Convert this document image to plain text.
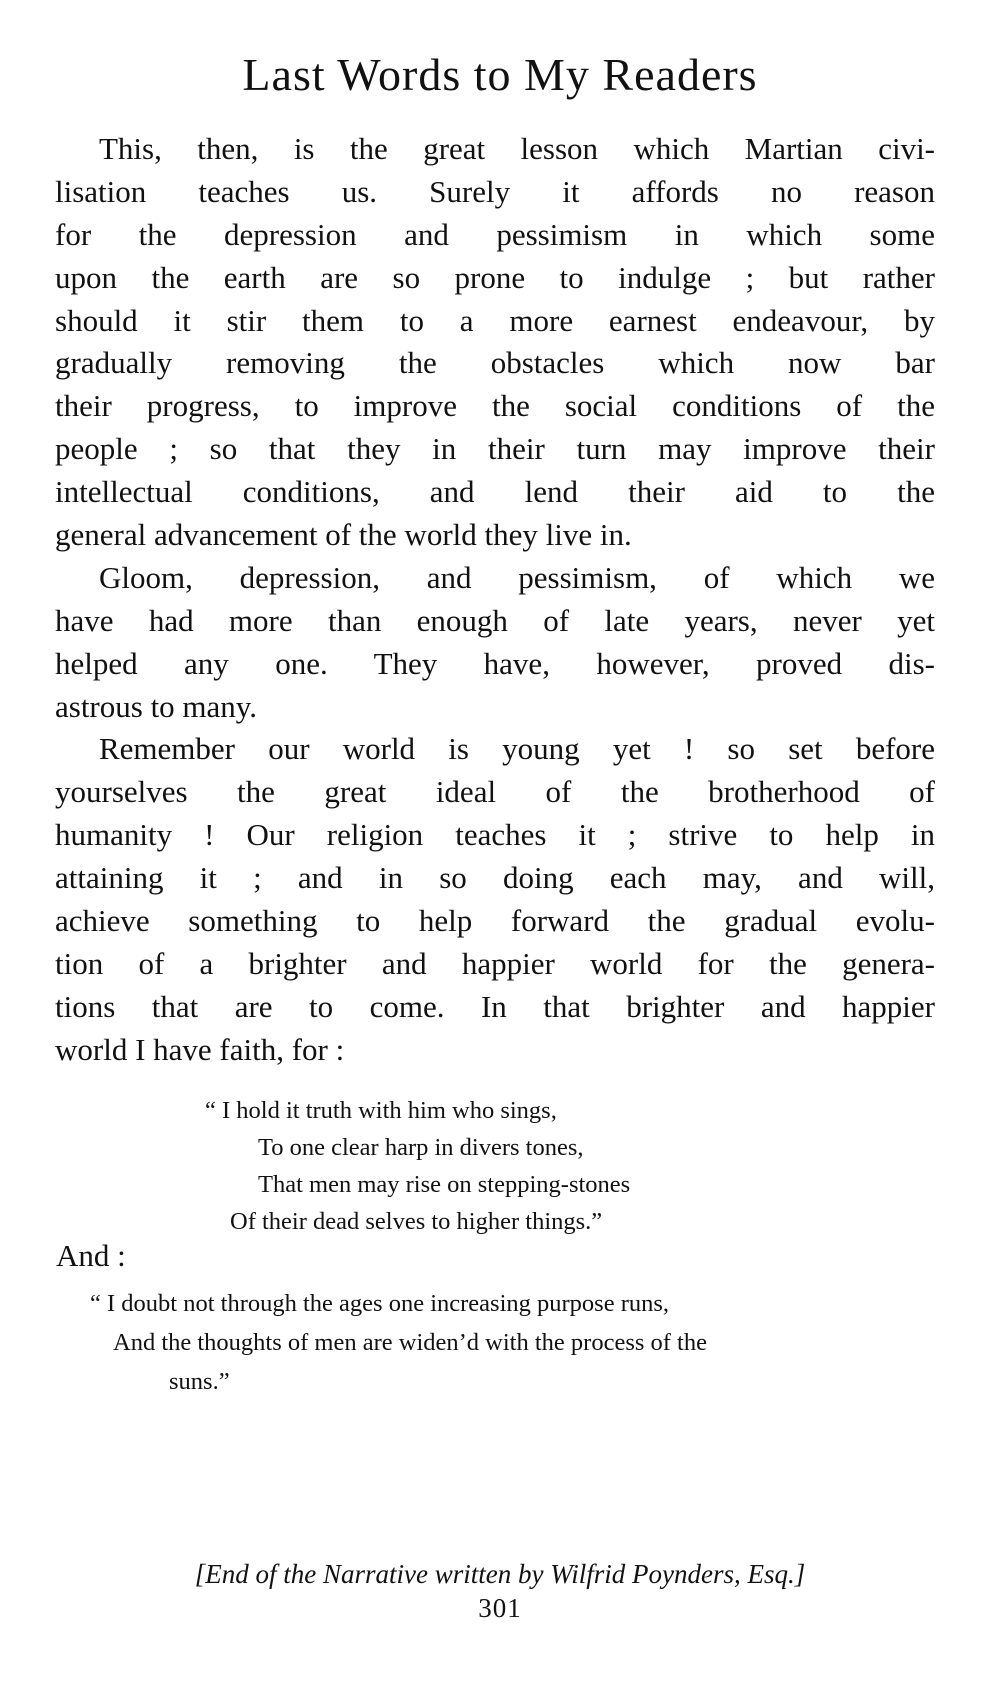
Last Words to My Readers
This, then, is the great lesson which Martian civi-
lisation teaches us. Surely it affords no reason
for the depression and pessimism in which some
upon the earth are so prone to indulge ; but rather
should it stir them to a more earnest endeavour, by
gradually removing the obstacles which now bar
their progress, to improve the social conditions of the
people ; so that they in their turn may improve their
intellectual conditions, and lend their aid to the
general advancement of the world they live in.
Gloom, depression, and pessimism, of which we
have had more than enough of late years, never yet
helped any one. They have, however, proved dis-
astrous to many.
Remember our world is young yet ! so set before
yourselves the great ideal of the brotherhood of
humanity ! Our religion teaches it ; strive to help in
attaining it ; and in so doing each may, and will,
achieve something to help forward the gradual evolu-
tion of a brighter and happier world for the genera-
tions that are to come. In that brighter and happier
world I have faith, for :
“ I hold it truth with him who sings,
To one clear harp in divers tones,
That men may rise on stepping-stones
Of their dead selves to higher things.”
And :
“ I doubt not through the ages one increasing purpose runs,
And the thoughts of men are widen’d with the process of the
suns.”
[End of the Narrative written by Wilfrid Poynders, Esq.]
301
